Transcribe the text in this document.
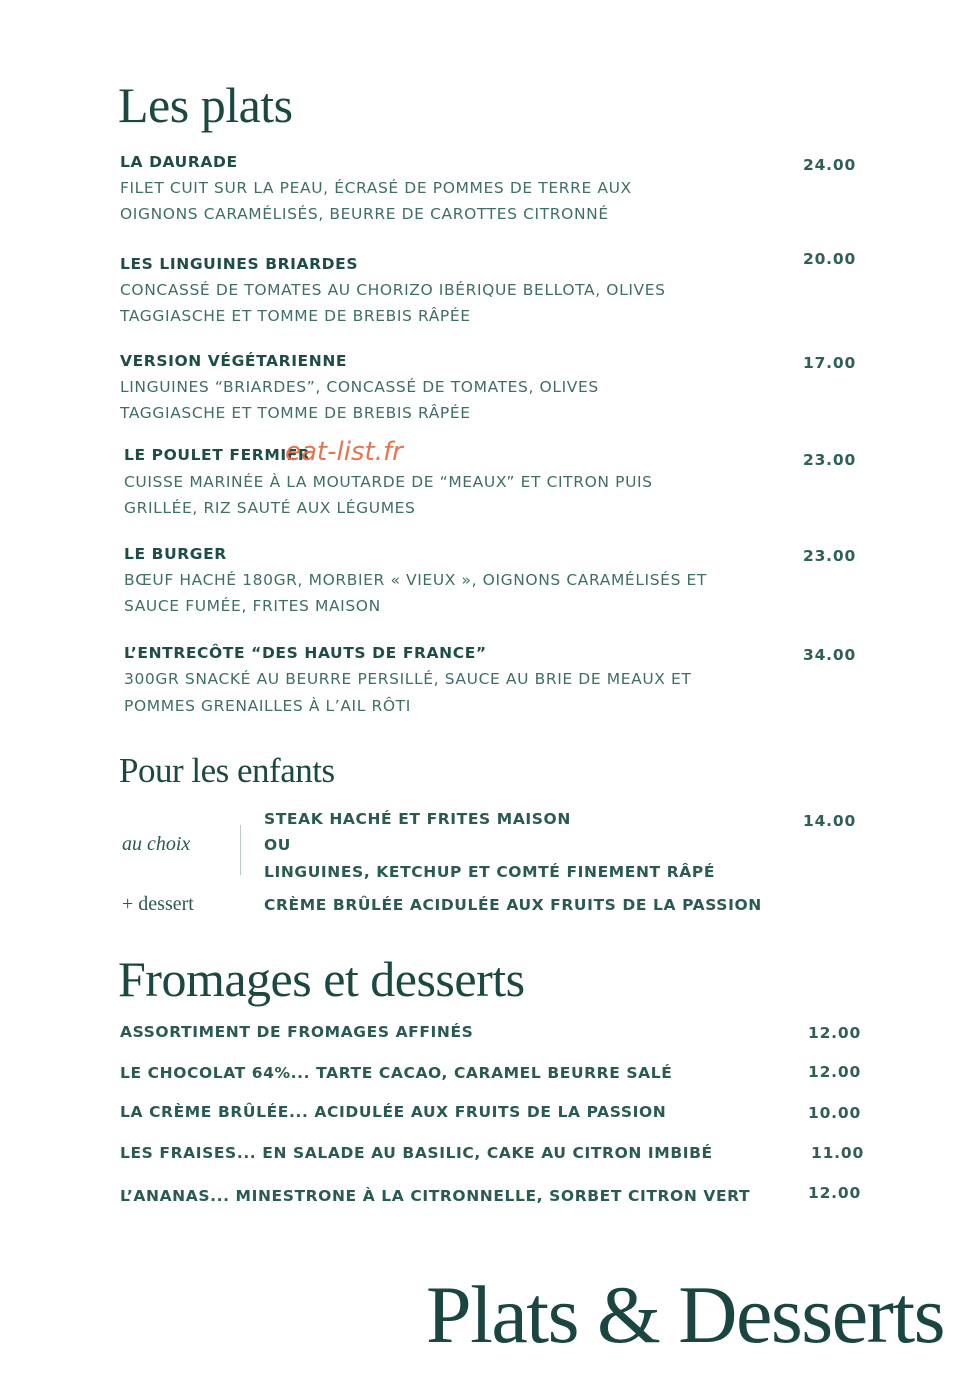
Les plats
LA DAURADE
FILET CUIT SUR LA PEAU, ÉCRASÉ DE POMMES DE TERRE AUX
OIGNONS CARAMÉLISÉS, BEURRE DE CAROTTES CITRONNÉ
24.00
LES LINGUINES BRIARDES
CONCASSÉ DE TOMATES AU CHORIZO IBÉRIQUE BELLOTA, OLIVES
TAGGIASCHE ET TOMME DE BREBIS RÂPÉE
20.00
VERSION VÉGÉTARIENNE
LINGUINES “BRIARDES”, CONCASSÉ DE TOMATES, OLIVES
TAGGIASCHE ET TOMME DE BREBIS RÂPÉE
17.00
LE POULET FERMIER
CUISSE MARINÉE À LA MOUTARDE DE “MEAUX” ET CITRON PUIS
GRILLÉE, RIZ SAUTÉ AUX LÉGUMES
23.00
eat-list.fr
LE BURGER
BŒUF HACHÉ 180GR, MORBIER « VIEUX », OIGNONS CARAMÉLISÉS ET
SAUCE FUMÉE, FRITES MAISON
23.00
L’ENTRECÔTE “DES HAUTS DE FRANCE”
300GR SNACKÉ AU BEURRE PERSILLÉ, SAUCE AU BRIE DE MEAUX ET
POMMES GRENAILLES À L’AIL RÔTI
34.00
Pour les enfants
au choix
STEAK HACHÉ ET FRITES MAISON
OU
LINGUINES, KETCHUP ET COMTÉ FINEMENT RÂPÉ
+ dessert	CRÈME BRÛLÉE ACIDULÉE AUX FRUITS DE LA PASSION
14.00
Fromages et desserts
ASSORTIMENT DE FROMAGES AFFINÉS	12.00
LE CHOCOLAT 64%... TARTE CACAO, CARAMEL BEURRE SALÉ	12.00
LA CRÈME BRÛLÉE... ACIDULÉE AUX FRUITS DE LA PASSION	10.00
LES FRAISES... EN SALADE AU BASILIC, CAKE AU CITRON IMBIBÉ	11.00
L’ANANAS... MINESTRONE À LA CITRONNELLE, SORBET CITRON VERT	12.00
Plats & Desserts
